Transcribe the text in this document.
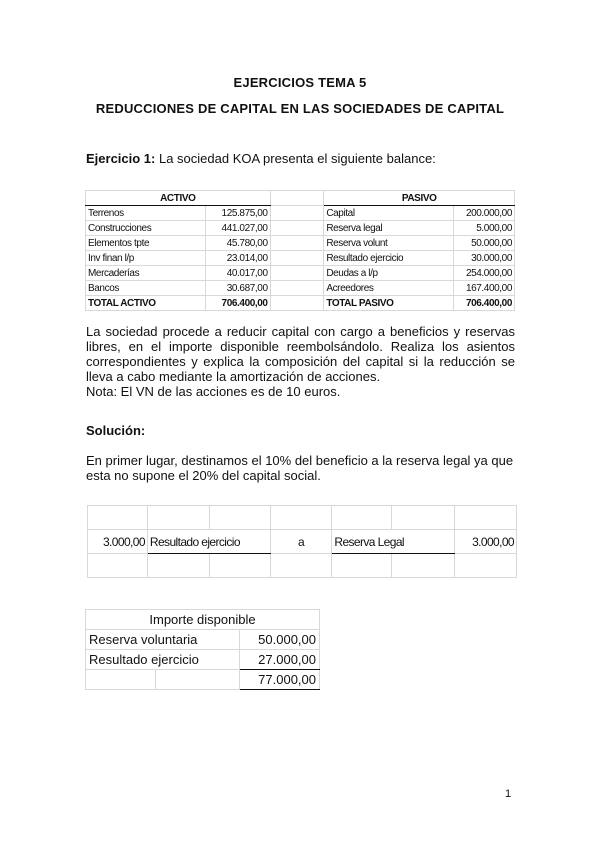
EJERCICIOS TEMA 5
REDUCCIONES DE CAPITAL EN LAS SOCIEDADES DE CAPITAL
Ejercicio 1: La sociedad KOA presenta el siguiente balance:
ACTIVO			PASIVO	
Terrenos	125.875,00		Capital	200.000,00
Construcciones	441.027,00		Reserva legal	5.000,00
Elementos tpte	45.780,00		Reserva volunt	50.000,00
Inv finan l/p	23.014,00		Resultado ejercicio	30.000,00
Mercaderías	40.017,00		Deudas a l/p	254.000,00
Bancos	30.687,00		Acreedores	167.400,00
TOTAL ACTIVO	706.400,00		TOTAL PASIVO	706.400,00
La sociedad procede a reducir capital con cargo a beneficios y reservas libres, en el importe disponible reembolsándolo. Realiza los asientos correspondientes y explica la composición del capital si la reducción se lleva a cabo mediante la amortización de acciones.
Nota: El VN de las acciones es de 10 euros.
Solución:
En primer lugar, destinamos el 10% del beneficio a la reserva legal ya que esta no supone el 20% del capital social.

3.000,00	Resultado ejercicio		a	Reserva Legal		3.000,00

Importe disponible		
Reserva voluntaria		50.000,00
Resultado ejercicio		27.000,00
		77.000,00
1
